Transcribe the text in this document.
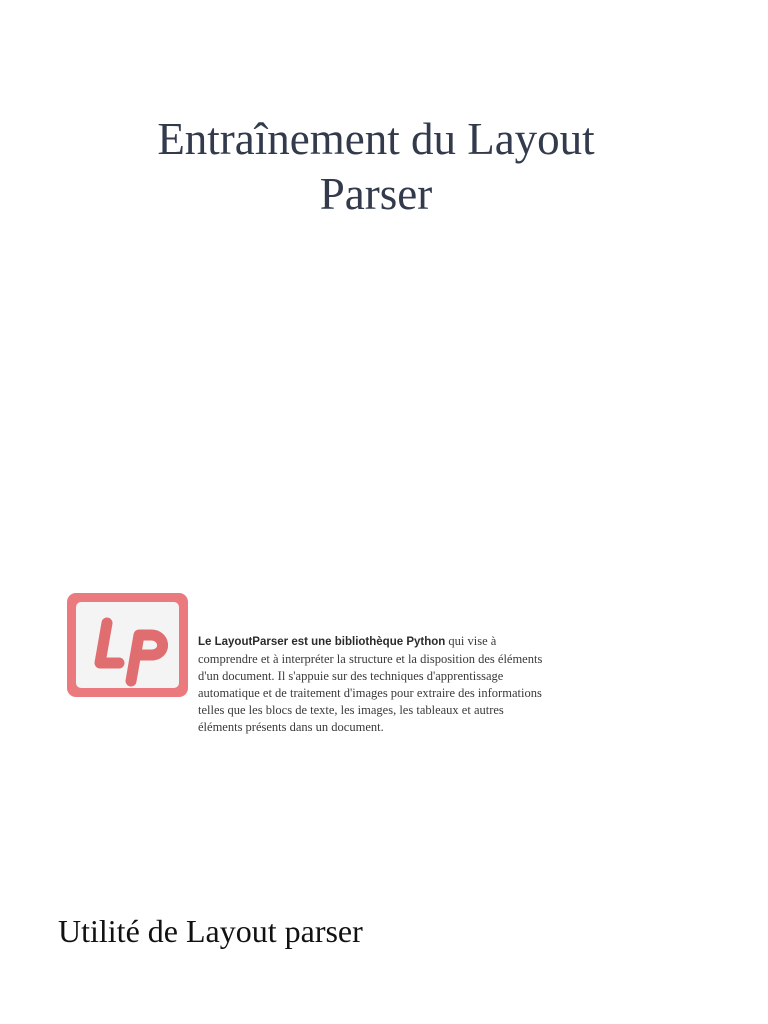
Entraînement du Layout
Parser

Le LayoutParser est une bibliothèque Python qui vise à comprendre et à interpréter la structure et la disposition des éléments d'un document. Il s'appuie sur des techniques d'apprentissage automatique et de traitement d'images pour extraire des informations telles que les blocs de texte, les images, les tableaux et autres éléments présents dans un document.

Utilité de Layout parser
